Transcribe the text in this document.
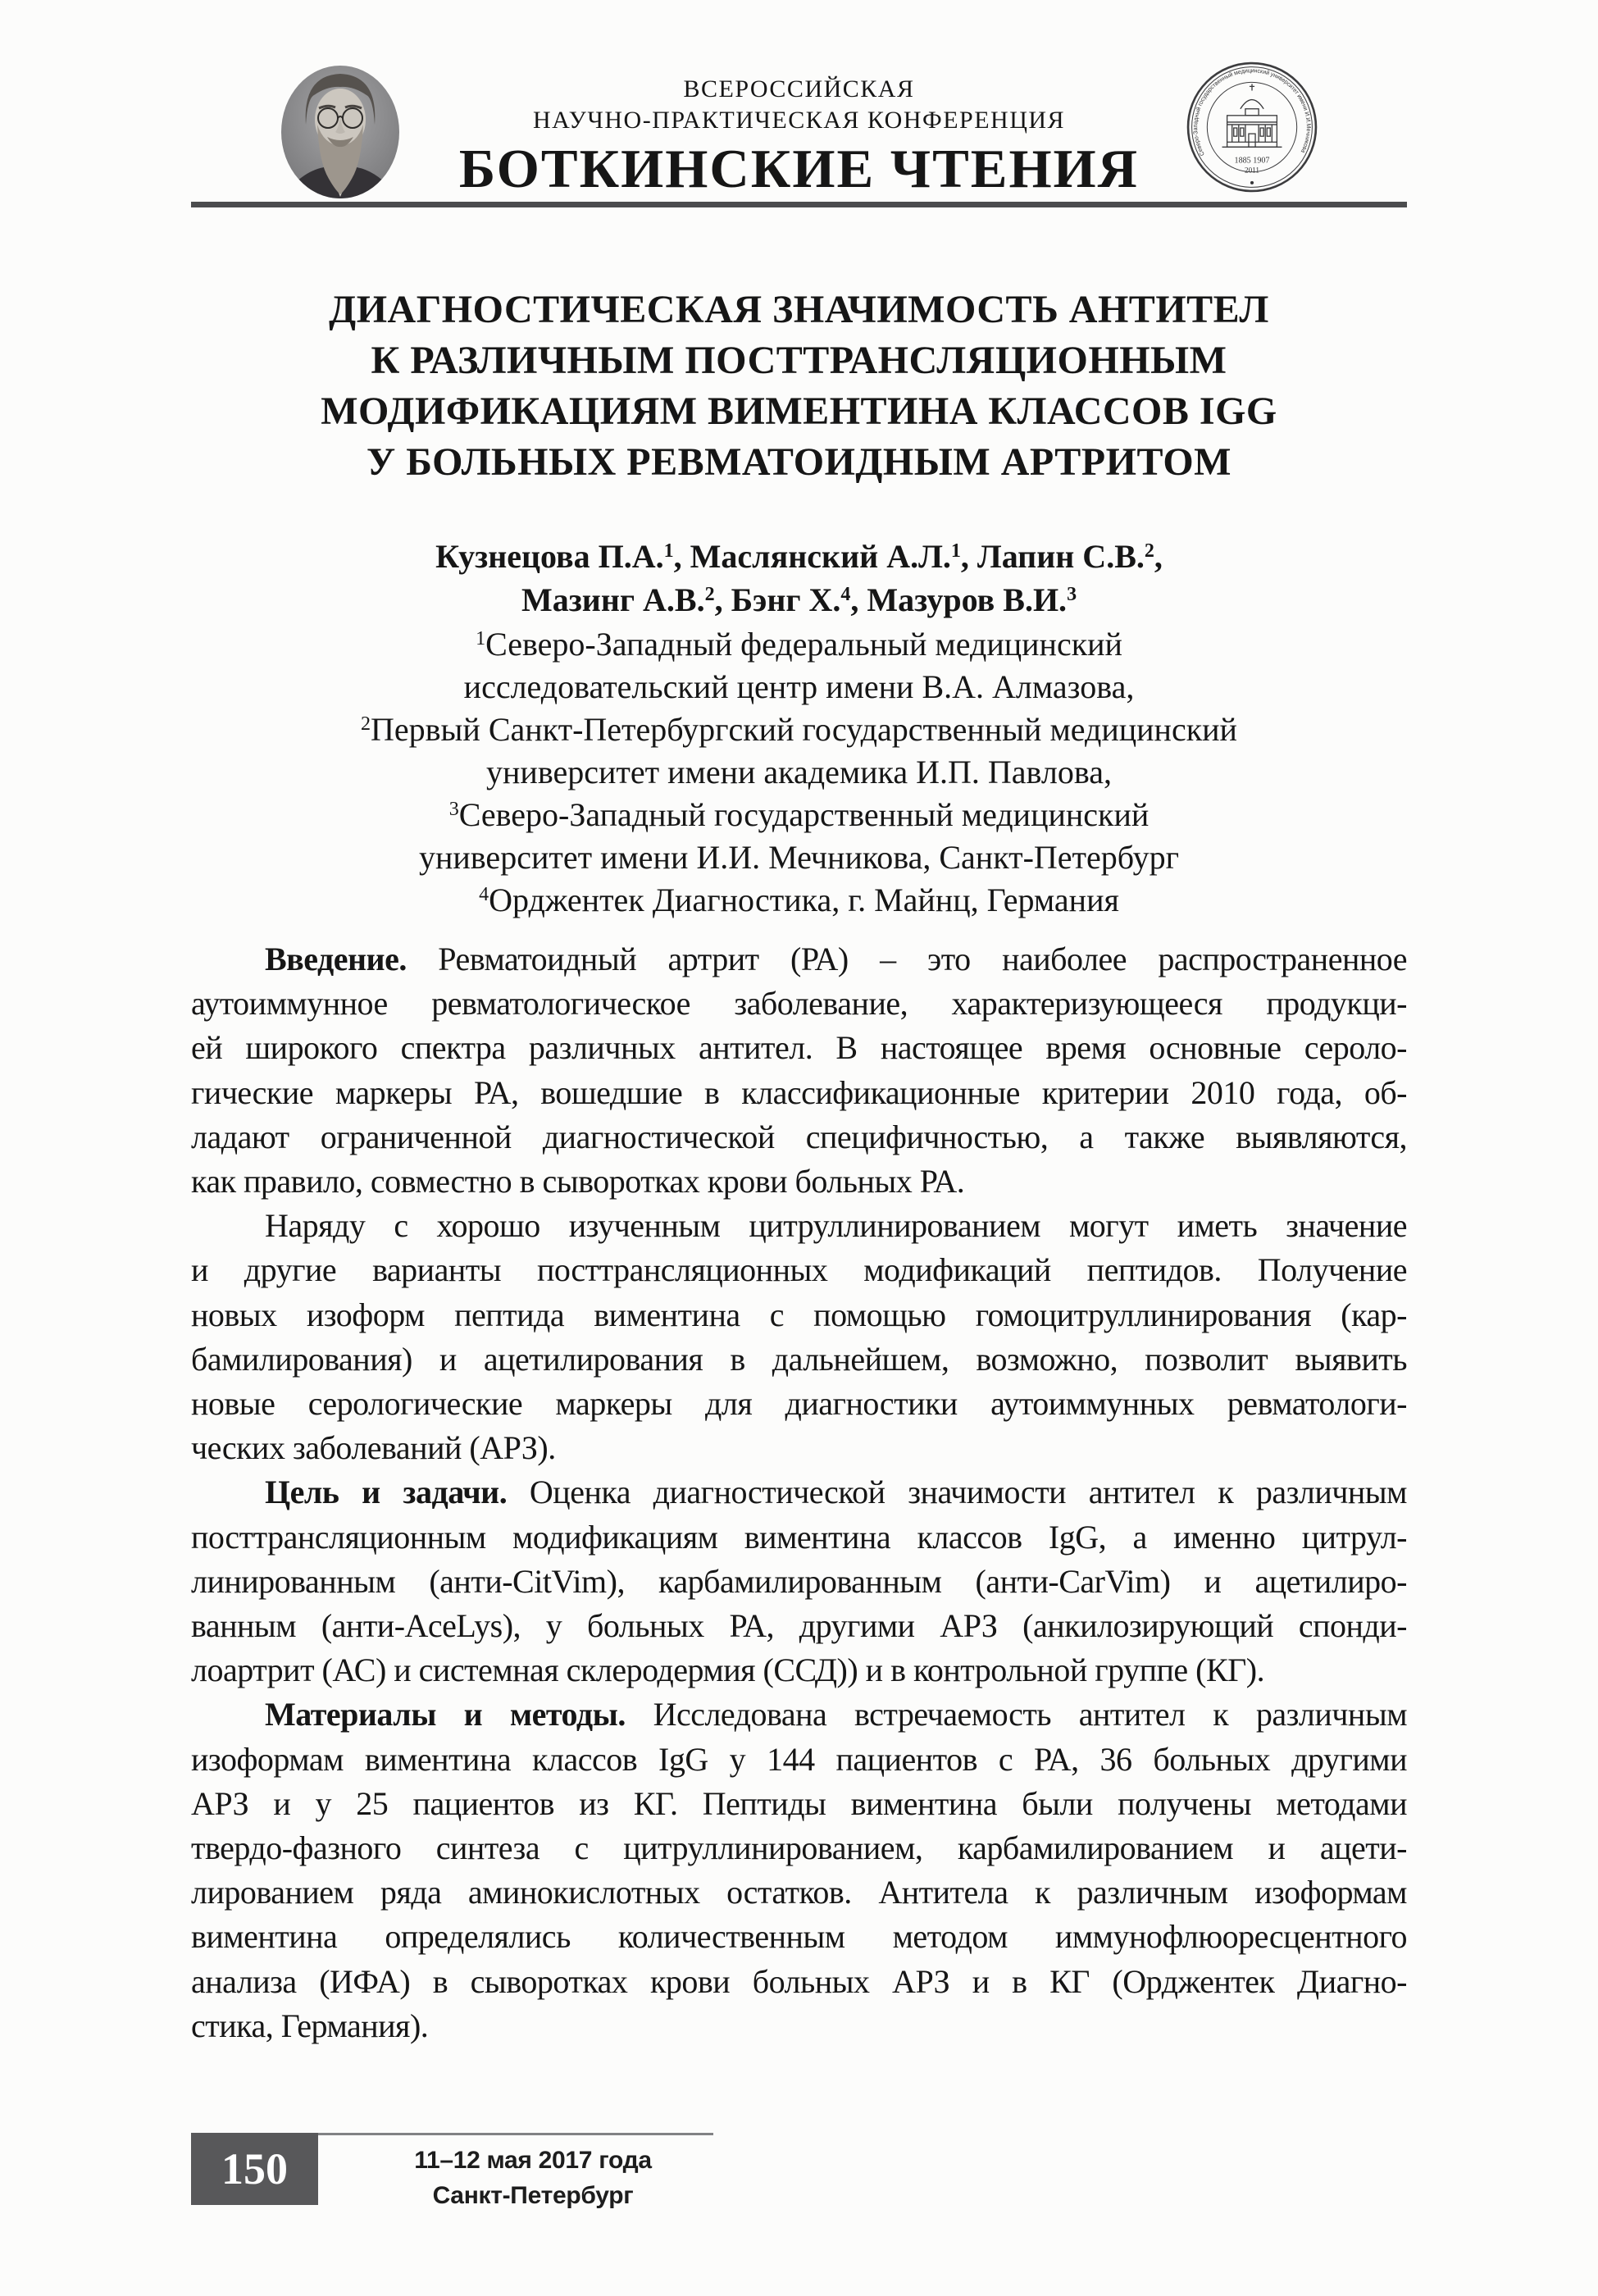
ВСЕРОССИЙСКАЯ
НАУЧНО-ПРАКТИЧЕСКАЯ КОНФЕРЕНЦИЯ
БОТКИНСКИЕ ЧТЕНИЯ	Северо-Западный государственный медицинский университет имени И.И.Мечникова
1885 1907
2011
ДИАГНОСТИЧЕСКАЯ ЗНАЧИМОСТЬ АНТИТЕЛ
К РАЗЛИЧНЫМ ПОСТТРАНСЛЯЦИОННЫМ
МОДИФИКАЦИЯМ ВИМЕНТИНА КЛАССОВ IGG
У БОЛЬНЫХ РЕВМАТОИДНЫМ АРТРИТОМ
Кузнецова П.А.$^1$, Маслянский А.Л.$^1$, Лапин С.В.$^2$,
Мазинг А.В.$^2$, Бэнг Х.$^4$, Мазуров В.И.$^3$
$^1$Северо-Западный федеральный медицинский
исследовательский центр имени В.А. Алмазова,
$^2$Первый Санкт-Петербургский государственный медицинский
университет имени академика И.П. Павлова,
$^3$Северо-Западный государственный медицинский
университет имени И.И. Мечникова, Санкт-Петербург
$^4$Орджентек Диагностика, г. Майнц, Германия
Введение. Ревматоидный артрит (РА) – это наиболее распространенное
аутоиммунное ревматологическое заболевание, характеризующееся продукци-
ей широкого спектра различных антител. В настоящее время основные сероло-
гические маркеры РА, вошедшие в классификационные критерии 2010 года, об-
ладают ограниченной диагностической специфичностью, а также выявляются,
как правило, совместно в сыворотках крови больных РА.
Наряду с хорошо изученным цитруллинированием могут иметь значение
и другие варианты посттрансляционных модификаций пептидов. Получение
новых изоформ пептида виментина с помощью гомоцитруллинирования (кар-
бамилирования) и ацетилирования в дальнейшем, возможно, позволит выявить
новые серологические маркеры для диагностики аутоиммунных ревматологи-
ческих заболеваний (АРЗ).
Цель и задачи. Оценка диагностической значимости антител к различным
посттрансляционным модификациям виментина классов IgG, а именно цитрул-
линированным (анти-CitVim), карбамилированным (анти-CarVim) и ацетилиро-
ванным (анти-AceLys), у больных РА, другими АРЗ (анкилозирующий спонди-
лоартрит (АС) и системная склеродермия (ССД)) и в контрольной группе (КГ).
Материалы и методы. Исследована встречаемость антител к различным
изоформам виментина классов IgG у 144 пациентов с РА, 36 больных другими
АРЗ и у 25 пациентов из КГ. Пептиды виментина были получены методами
твердо-фазного синтеза с цитруллинированием, карбамилированием и ацети-
лированием ряда аминокислотных остатков. Антитела к различным изоформам
виментина определялись количественным методом иммунофлюоресцентного
анализа (ИФА) в сыворотках крови больных АРЗ и в КГ (Орджентек Диагно-
стика, Германия).
150	11–12 мая 2017 года
Санкт-Петербург
